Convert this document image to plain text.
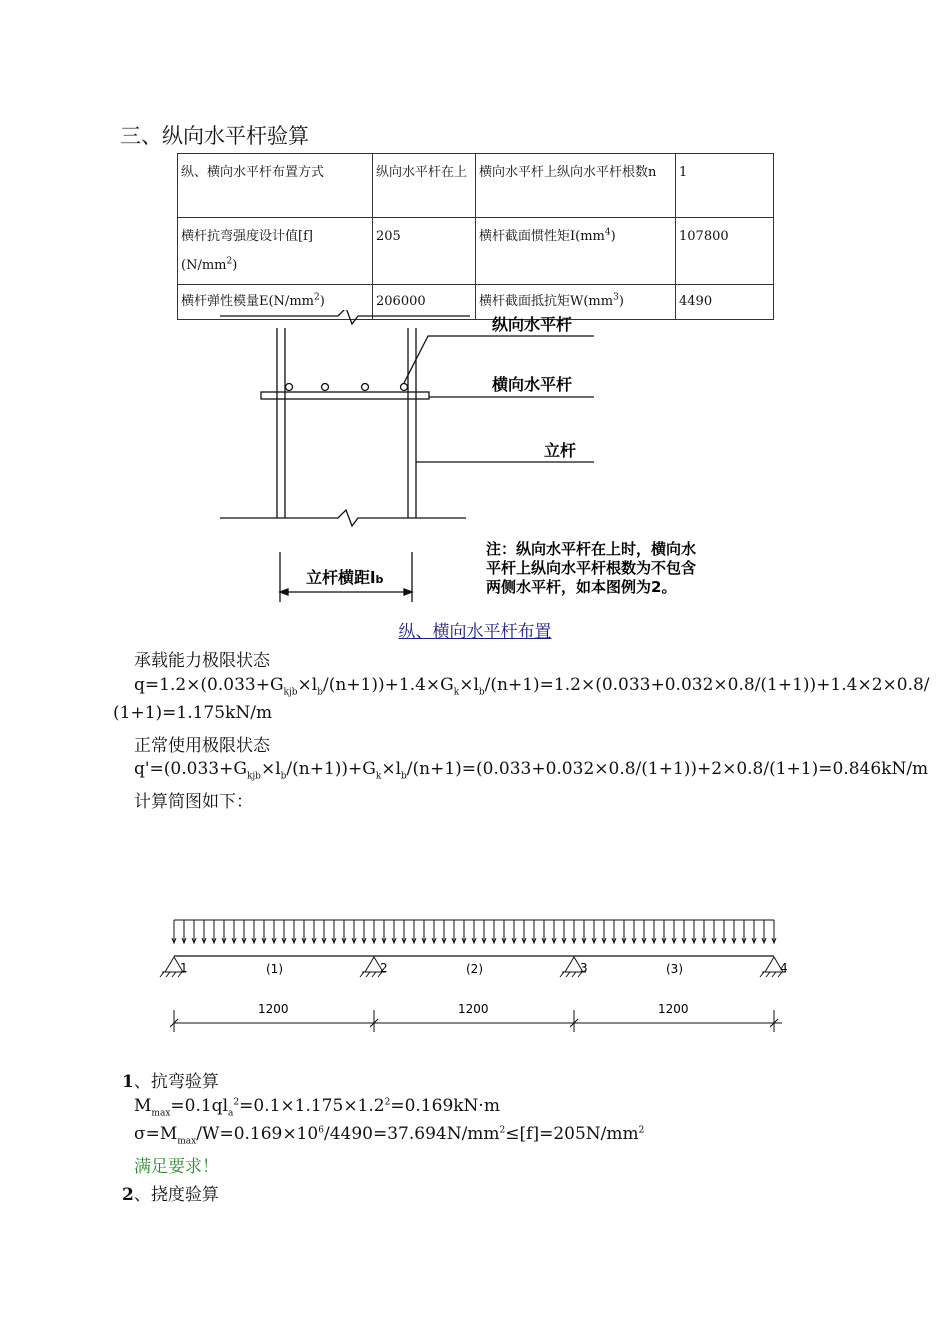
三、纵向水平杆验算
纵、横向水平杆布置方式	纵向水平杆在上	横向水平杆上纵向水平杆根数n	1
横杆抗弯强度设计值$[f](N/mm^2)$	205	横杆截面惯性矩$I(mm^4)$	107800
横杆弹性模量$E(N/mm^2)$	206000	横杆截面抵抗矩$W(mm^3)$	4490
纵向水平杆
横向水平杆
立杆
立杆横距lb
注：纵向水平杆在上时，横向水
平杆上纵向水平杆根数为不包含
两侧水平杆，如本图例为2。
纵、横向水平杆布置
承载能力极限状态
$q=1.2\times(0.033+G_{kjb}\times l_b/(n+1))+1.4\times G_k\times l_b/(n+1)=1.2\times(0.033+0.032\times 0.8/(1+1))+1.4\times 2\times 0.8/$
(1+1)=1.175kN/m
正常使用极限状态
$q'=(0.033+G_{kjb}\times l_b/(n+1))+G_k\times l_b/(n+1)=(0.033+0.032\times 0.8/(1+1))+2\times 0.8/(1+1)=0.846kN/m$
计算简图如下：
1	2	3	4
(1)	(2)	(3)
1200	1200	1200
1、抗弯验算
$M_{max}=0.1ql_a^2=0.1\times 1.175\times 1.2^2=0.169kN\cdot m$
$\sigma=M_{max}/W=0.169\times 10^6/4490=37.694N/mm^2\le[f]=205N/mm^2$
满足要求！
2、挠度验算
